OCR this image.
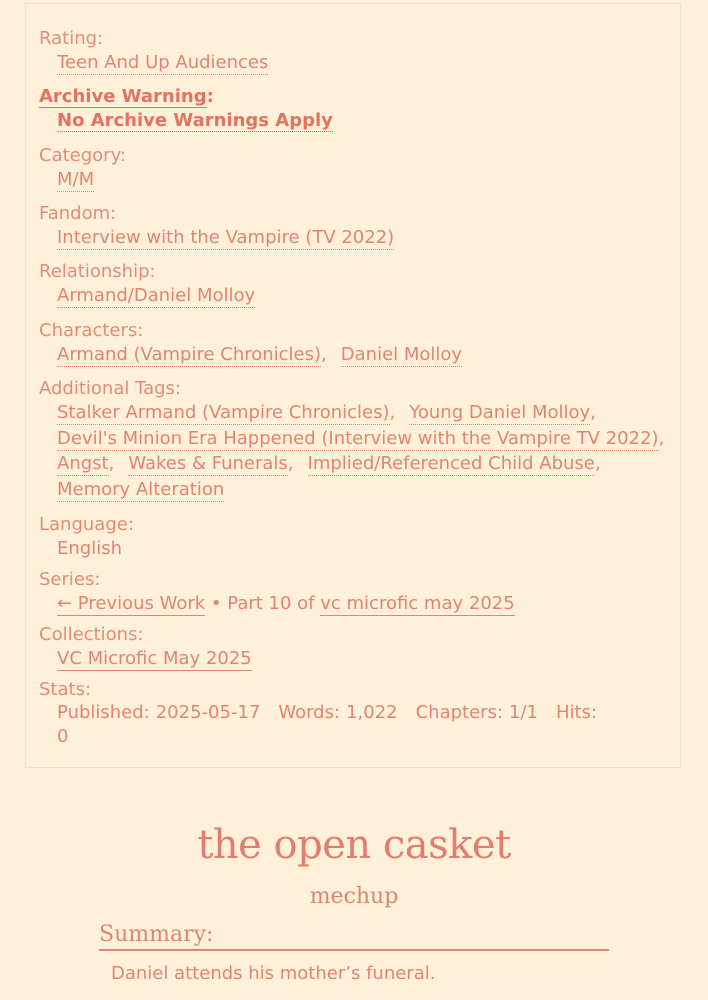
Rating:
Teen And Up Audiences
Archive Warning:
No Archive Warnings Apply
Category:
M/M
Fandom:
Interview with the Vampire (TV 2022)
Relationship:
Armand/Daniel Molloy
Characters:
Armand (Vampire Chronicles), Daniel Molloy
Additional Tags:
Stalker Armand (Vampire Chronicles), Young Daniel Molloy,
Devil's Minion Era Happened (Interview with the Vampire TV 2022),
Angst, Wakes & Funerals, Implied/Referenced Child Abuse,
Memory Alteration
Language:
English
Series:
← Previous Work • Part 10 of vc microfic may 2025
Collections:
VC Microfic May 2025
Stats:
Published: 2025-05-17 Words: 1,022 Chapters: 1/1 Hits:
0
the open casket
mechup
Summary:
Daniel attends his mother’s funeral.
